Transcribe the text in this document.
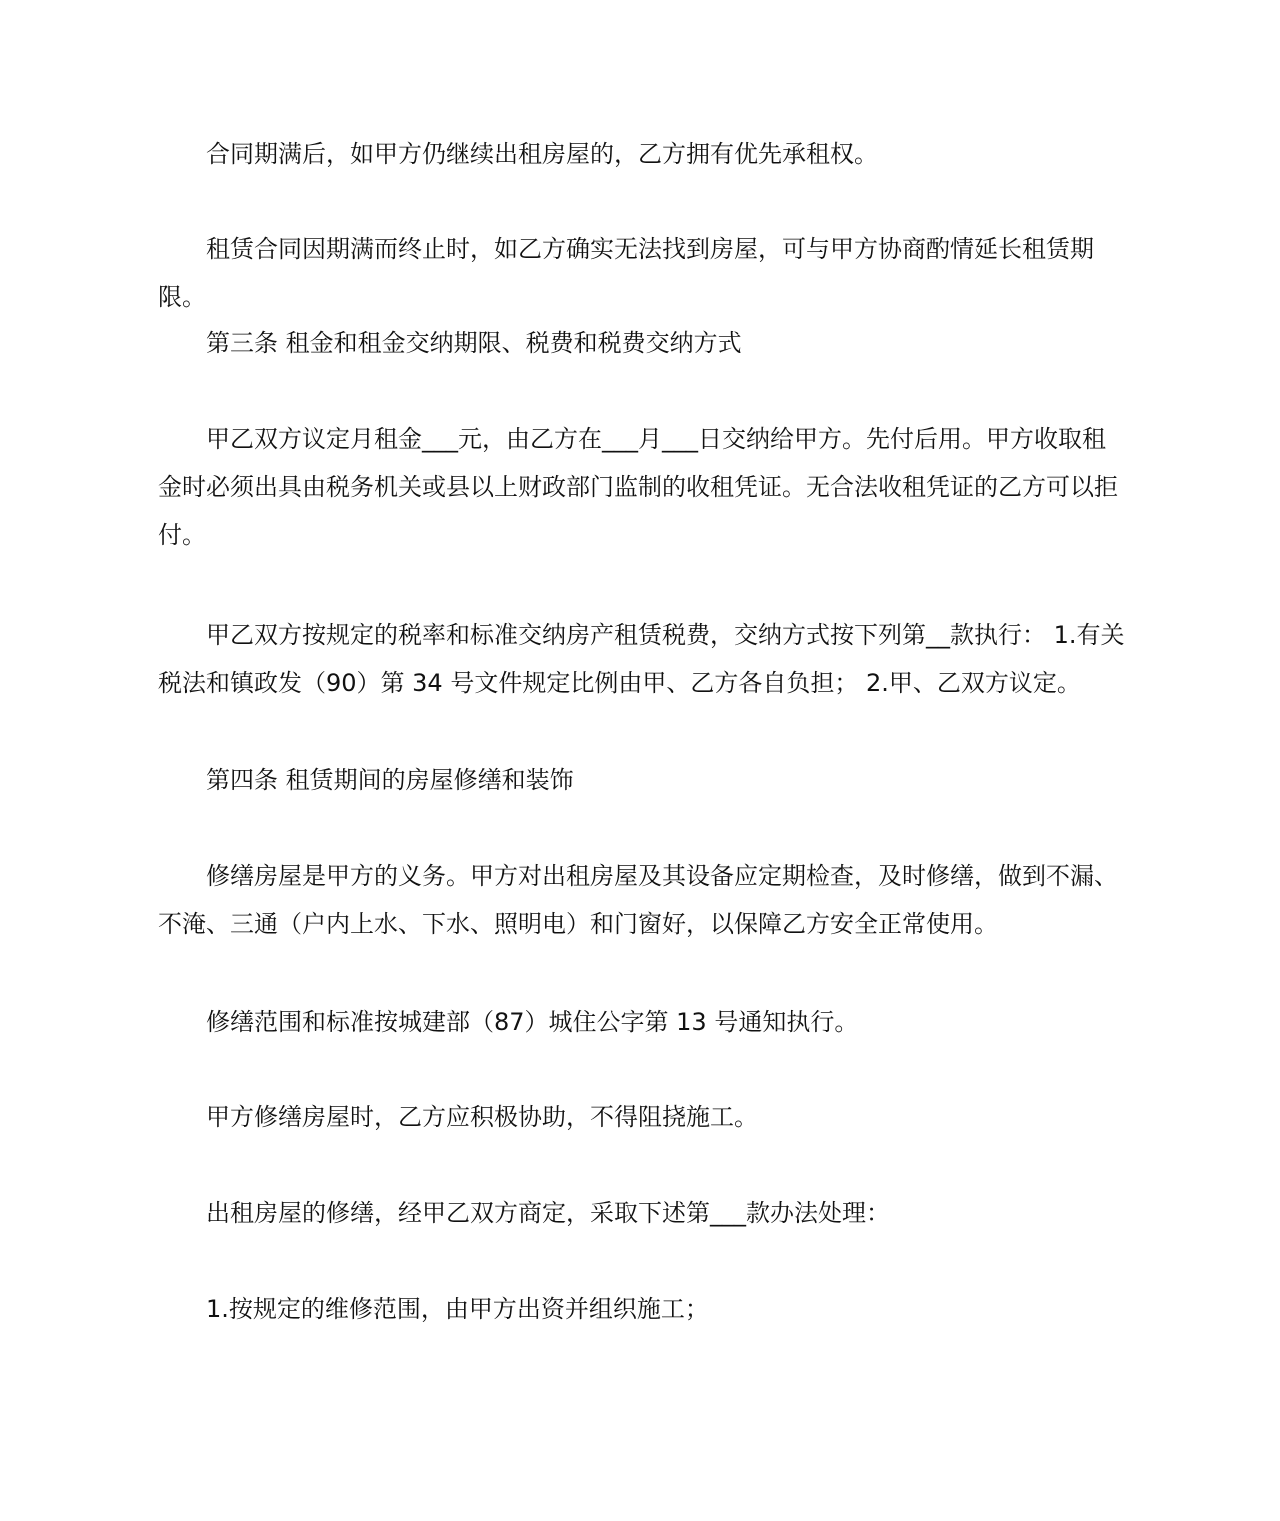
合同期满后，如甲方仍继续出租房屋的，乙方拥有优先承租权。

租赁合同因期满而终止时，如乙方确实无法找到房屋，可与甲方协商酌情延长租赁期限。

第三条 租金和租金交纳期限、税费和税费交纳方式

甲乙双方议定月租金___元，由乙方在___月___日交纳给甲方。先付后用。甲方收取租金时必须出具由税务机关或县以上财政部门监制的收租凭证。无合法收租凭证的乙方可以拒付。

甲乙双方按规定的税率和标准交纳房产租赁税费，交纳方式按下列第__款执行： 1.有关税法和镇政发（90）第 34 号文件规定比例由甲、乙方各自负担； 2.甲、乙双方议定。

第四条 租赁期间的房屋修缮和装饰

修缮房屋是甲方的义务。甲方对出租房屋及其设备应定期检查，及时修缮，做到不漏、不淹、三通（户内上水、下水、照明电）和门窗好，以保障乙方安全正常使用。

修缮范围和标准按城建部（87）城住公字第 13 号通知执行。

甲方修缮房屋时，乙方应积极协助，不得阻挠施工。

出租房屋的修缮，经甲乙双方商定，采取下述第___款办法处理：

1.按规定的维修范围，由甲方出资并组织施工；
